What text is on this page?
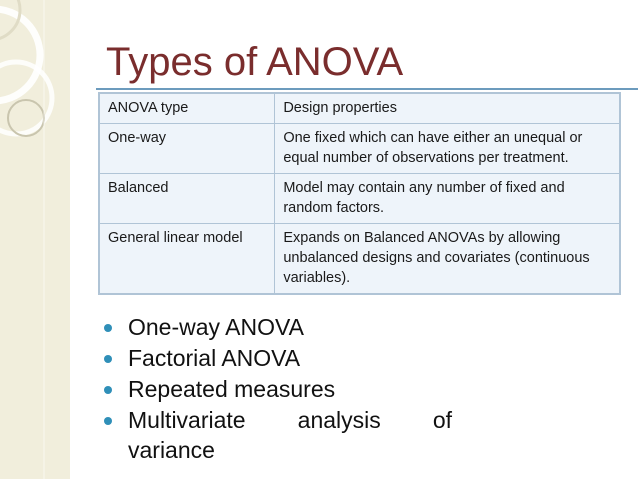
Types of ANOVA
ANOVA type	Design properties
One-way	One fixed which can have either an unequal or equal number of observations per treatment.
Balanced	Model may contain any number of fixed and random factors.
General linear model	Expands on Balanced ANOVAs by allowing unbalanced designs and covariates (continuous variables).
One-way ANOVA
Factorial ANOVA
Repeated measures
Multivariate analysis of
variance
